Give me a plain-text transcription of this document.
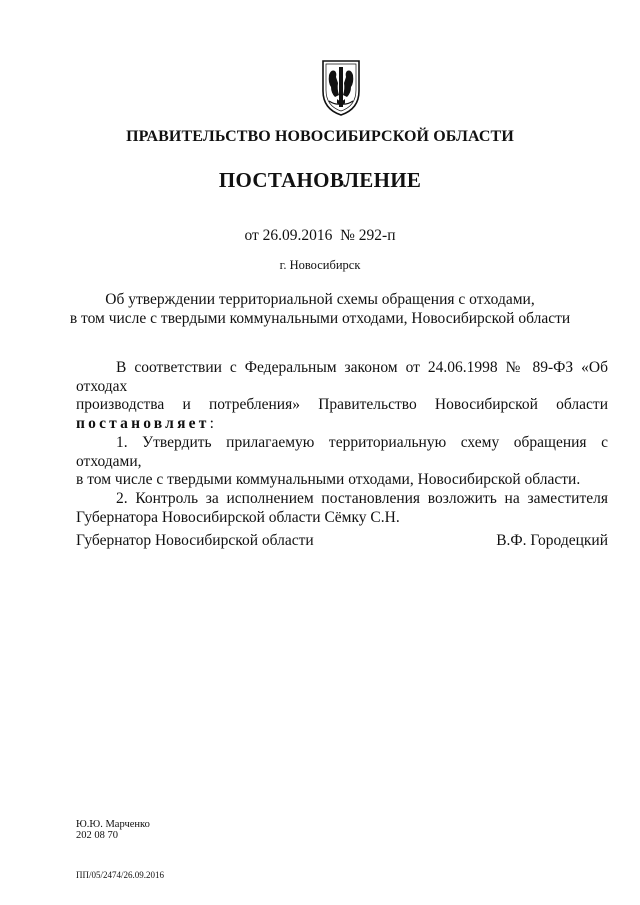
ПРАВИТЕЛЬСТВО НОВОСИБИРСКОЙ ОБЛАСТИ
ПОСТАНОВЛЕНИЕ
от 26.09.2016  № 292-п
г. Новосибирск
Об утверждении территориальной схемы обращения с отходами,
в том числе с твердыми коммунальными отходами, Новосибирской области

В соответствии с Федеральным законом от 24.06.1998 № 89-ФЗ «Об отходах

производства и потребления» Правительство Новосибирской области

постановляет:

1. Утвердить прилагаемую территориальную схему обращения с отходами,

в том числе с твердыми коммунальными отходами, Новосибирской области.

2. Контроль за исполнением постановления возложить на заместителя

Губернатора Новосибирской области Сёмку С.Н.

Губернатор Новосибирской области	В.Ф. Городецкий
Ю.Ю. Марченко
202 08 70
ПП/05/2474/26.09.2016
